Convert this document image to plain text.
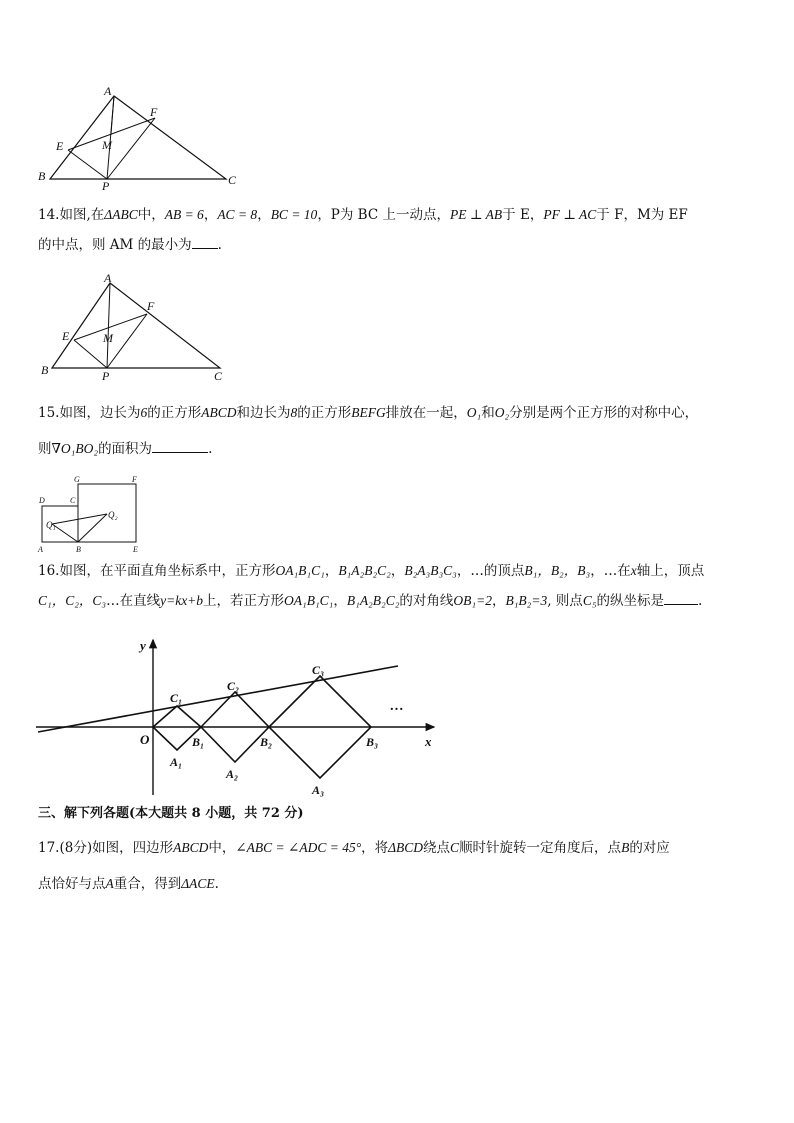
A
B	C
E
F
M
P

14.如图,在ΔABC中，AB = 6，AC = 8，BC = 10，P为 BC 上一动点，PE ⊥ AB于 E，PF ⊥ AC于 F，M为 EF

的中点，则 AM 的最小为 .

A
B	C
E
F
M
P

15.如图，边长为6的正方形ABCD和边长为8的正方形BEFG排放在一起，O₁和O₂分别是两个正方形的对称中心，

则∇O₁BO₂的面积为	.

G	F
D	C
Q₁
Q₂
A	B	E

16.如图，在平面直角坐标系中，正方形OA₁B₁C₁，B₁A₂B₂C₂，B₂A₃B₃C₃，…的顶点B₁，B₂，B₃，…在x轴上，顶点

C₁，C₂，C₃…在直线y=kx+b上，若正方形OA₁B₁C₁，B₁A₂B₂C₂的对角线OB₁=2，B₁B₂=3, 则点C₅的纵坐标是	.

y
x
O
C₁
C₂
C₃
B₁	B₂	B₃
A₁
A₂
A₃
…
三、解下列各题(本大题共 8 小题，共 72 分)

17.(8分)如图，四边形ABCD中，∠ABC = ∠ADC = 45°，将ΔBCD绕点C顺时针旋转一定角度后，点B的对应

点恰好与点A重合，得到ΔACE.
